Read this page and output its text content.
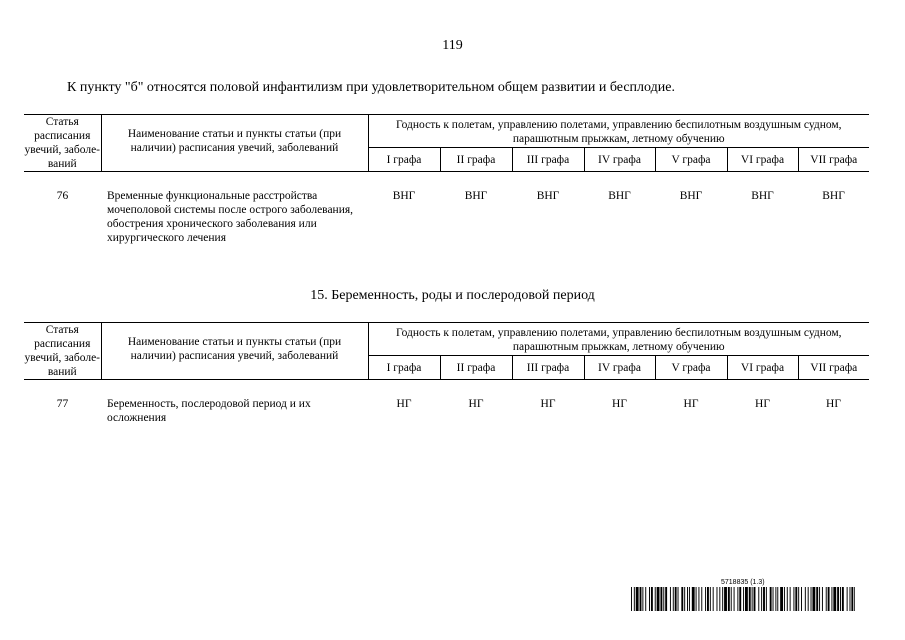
119
К пункту "б" относятся половой инфантилизм при удовлетворительном общем развитии и бесплодие.
Статья расписания увечий, заболе-ваний	Наименование статьи и пункты статьи (при наличии) расписания увечий, заболеваний	Годность к полетам, управлению полетами, управлению беспилотным воздушным судном, парашютным прыжкам, летному обучению						
		I графа	II графа	III графа	IV графа	V графа	VI графа	VII графа
76	Временные функциональные расстройства мочеполовой системы после острого заболевания, обострения хронического заболевания или хирургического лечения	ВНГ	ВНГ	ВНГ	ВНГ	ВНГ	ВНГ	ВНГ
15. Беременность, роды и послеродовой период
Статья расписания увечий, заболе-ваний	Наименование статьи и пункты статьи (при наличии) расписания увечий, заболеваний	Годность к полетам, управлению полетами, управлению беспилотным воздушным судном, парашютным прыжкам, летному обучению						
		I графа	II графа	III графа	IV графа	V графа	VI графа	VII графа
77	Беременность, послеродовой период и их осложнения	НГ	НГ	НГ	НГ	НГ	НГ	НГ
5718835 (1.3)
